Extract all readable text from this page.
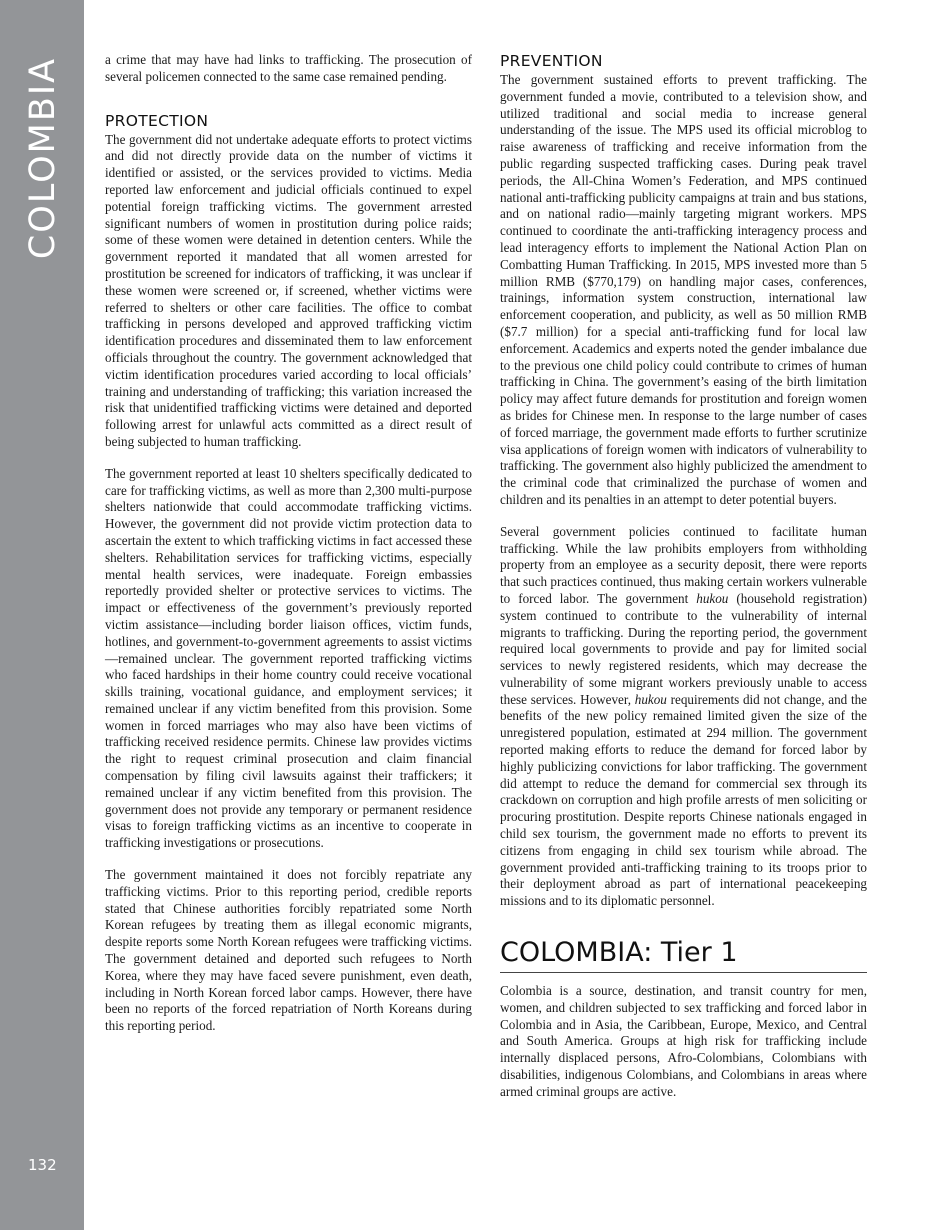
COLOMBIA
132

a crime that may have had links to trafficking. The prosecution of several policemen connected to the same case remained pending.

PROTECTION

The government did not undertake adequate efforts to protect victims and did not directly provide data on the number of victims it identified or assisted, or the services provided to victims. Media reported law enforcement and judicial officials continued to expel potential foreign trafficking victims. The government arrested significant numbers of women in prostitution during police raids; some of these women were detained in detention centers. While the government reported it mandated that all women arrested for prostitution be screened for indicators of trafficking, it was unclear if these women were screened or, if screened, whether victims were referred to shelters or other care facilities. The office to combat trafficking in persons developed and approved trafficking victim identification procedures and disseminated them to law enforcement officials throughout the country. The government acknowledged that victim identification procedures varied according to local officials’ training and understanding of trafficking; this variation increased the risk that unidentified trafficking victims were detained and deported following arrest for unlawful acts committed as a direct result of being subjected to human trafficking.

The government reported at least 10 shelters specifically dedicated to care for trafficking victims, as well as more than 2,300 multi-purpose shelters nationwide that could accommodate trafficking victims. However, the government did not provide victim protection data to ascertain the extent to which trafficking victims in fact accessed these shelters. Rehabilitation services for trafficking victims, especially mental health services, were inadequate. Foreign embassies reportedly provided shelter or protective services to victims. The impact or effectiveness of the government’s previously reported victim assistance—including border liaison offices, victim funds, hotlines, and government-to-government agreements to assist victims—remained unclear. The government reported trafficking victims who faced hardships in their home country could receive vocational skills training, vocational guidance, and employment services; it remained unclear if any victim benefited from this provision. Some women in forced marriages who may also have been victims of trafficking received residence permits. Chinese law provides victims the right to request criminal prosecution and claim financial compensation by filing civil lawsuits against their traffickers; it remained unclear if any victim benefited from this provision. The government does not provide any temporary or permanent residence visas to foreign trafficking victims as an incentive to cooperate in trafficking investigations or prosecutions.

The government maintained it does not forcibly repatriate any trafficking victims. Prior to this reporting period, credible reports stated that Chinese authorities forcibly repatriated some North Korean refugees by treating them as illegal economic migrants, despite reports some North Korean refugees were trafficking victims. The government detained and deported such refugees to North Korea, where they may have faced severe punishment, even death, including in North Korean forced labor camps. However, there have been no reports of the forced repatriation of North Koreans during this reporting period.

PREVENTION

The government sustained efforts to prevent trafficking. The government funded a movie, contributed to a television show, and utilized traditional and social media to increase general understanding of the issue. The MPS used its official microblog to raise awareness of trafficking and receive information from the public regarding suspected trafficking cases. During peak travel periods, the All-China Women’s Federation, and MPS continued national anti-trafficking publicity campaigns at train and bus stations, and on national radio—mainly targeting migrant workers. MPS continued to coordinate the anti-trafficking interagency process and lead interagency efforts to implement the National Action Plan on Combatting Human Trafficking. In 2015, MPS invested more than 5 million RMB ($770,179) on handling major cases, conferences, trainings, information system construction, international law enforcement cooperation, and publicity, as well as 50 million RMB ($7.7 million) for a special anti-trafficking fund for local law enforcement. Academics and experts noted the gender imbalance due to the previous one child policy could contribute to crimes of human trafficking in China. The government’s easing of the birth limitation policy may affect future demands for prostitution and foreign women as brides for Chinese men. In response to the large number of cases of forced marriage, the government made efforts to further scrutinize visa applications of foreign women with indicators of vulnerability to trafficking. The government also highly publicized the amendment to the criminal code that criminalized the purchase of women and children and its penalties in an attempt to deter potential buyers.

Several government policies continued to facilitate human trafficking. While the law prohibits employers from withholding property from an employee as a security deposit, there were reports that such practices continued, thus making certain workers vulnerable to forced labor. The government hukou (household registration) system continued to contribute to the vulnerability of internal migrants to trafficking. During the reporting period, the government required local governments to provide and pay for limited social services to newly registered residents, which may decrease the vulnerability of some migrant workers previously unable to access these services. However, hukou requirements did not change, and the benefits of the new policy remained limited given the size of the unregistered population, estimated at 294 million. The government reported making efforts to reduce the demand for forced labor by highly publicizing convictions for labor trafficking. The government did attempt to reduce the demand for commercial sex through its crackdown on corruption and high profile arrests of men soliciting or procuring prostitution. Despite reports Chinese nationals engaged in child sex tourism, the government made no efforts to prevent its citizens from engaging in child sex tourism while abroad. The government provided anti-trafficking training to its troops prior to their deployment abroad as part of international peacekeeping missions and to its diplomatic personnel.

COLOMBIA: Tier 1

Colombia is a source, destination, and transit country for men, women, and children subjected to sex trafficking and forced labor in Colombia and in Asia, the Caribbean, Europe, Mexico, and Central and South America. Groups at high risk for trafficking include internally displaced persons, Afro-Colombians, Colombians with disabilities, indigenous Colombians, and Colombians in areas where armed criminal groups are active.
